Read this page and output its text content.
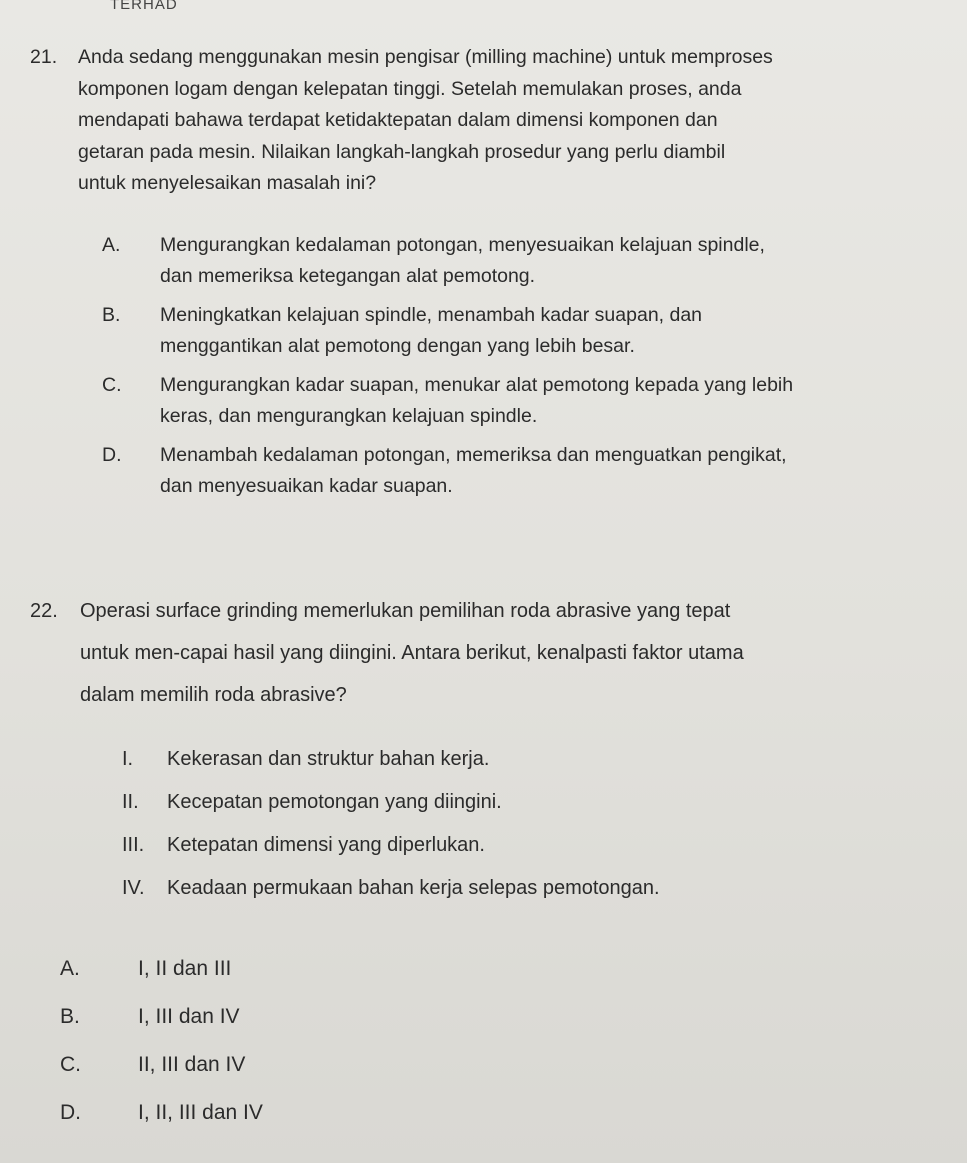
TERHAD
21. Anda sedang menggunakan mesin pengisar (milling machine) untuk memproses
komponen logam dengan kelepatan tinggi. Setelah memulakan proses, anda
mendapati bahawa terdapat ketidaktepatan dalam dimensi komponen dan
getaran pada mesin. Nilaikan langkah-langkah prosedur yang perlu diambil
untuk menyelesaikan masalah ini?
A. Mengurangkan kedalaman potongan, menyesuaikan kelajuan spindle,
dan memeriksa ketegangan alat pemotong.
B. Meningkatkan kelajuan spindle, menambah kadar suapan, dan
menggantikan alat pemotong dengan yang lebih besar.
C. Mengurangkan kadar suapan, menukar alat pemotong kepada yang lebih
keras, dan mengurangkan kelajuan spindle.
D. Menambah kedalaman potongan, memeriksa dan menguatkan pengikat,
dan menyesuaikan kadar suapan.
22. Operasi surface grinding memerlukan pemilihan roda abrasive yang tepat
untuk men-capai hasil yang diingini. Antara berikut, kenalpasti faktor utama
dalam memilih roda abrasive?
I. Kekerasan dan struktur bahan kerja.
II. Kecepatan pemotongan yang diingini.
III. Ketepatan dimensi yang diperlukan.
IV. Keadaan permukaan bahan kerja selepas pemotongan.
A.	I, II dan III
B.	I, III dan IV
C.	II, III dan IV
D.	I, II, III dan IV
